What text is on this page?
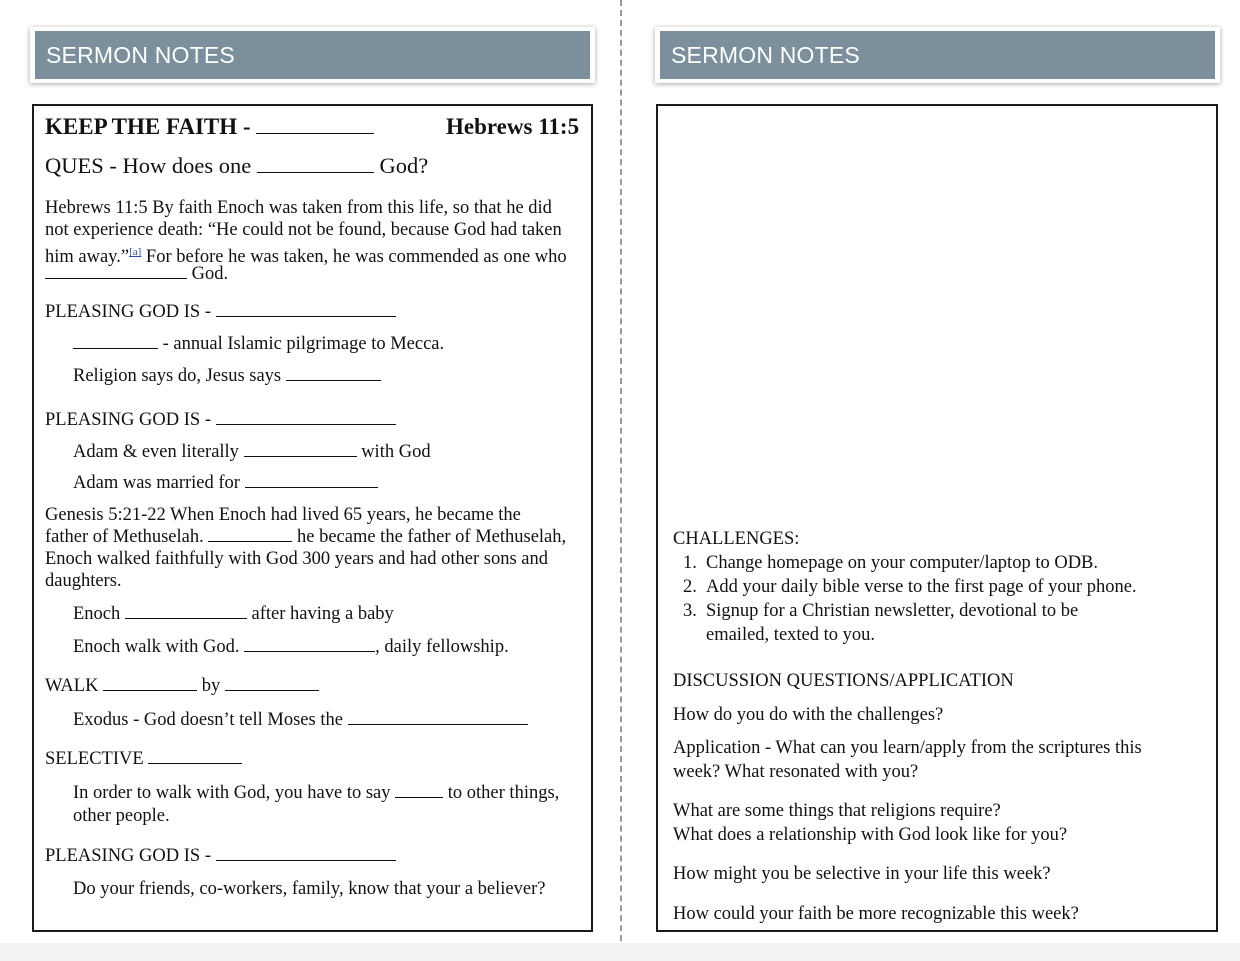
SERMON NOTES	SERMON NOTES
KEEP THE FAITH -	Hebrews 11:5
QUES - How does one	God?
Hebrews 11:5 By faith Enoch was taken from this life, so that he did
not experience death: “He could not be found, because God had taken
him away.”[a] For before he was taken, he was commended as one who
God.
PLEASING GOD IS -
- annual Islamic pilgrimage to Mecca.
Religion says do, Jesus says
PLEASING GOD IS -
Adam & even literally	with God
Adam was married for
Genesis 5:21-22 When Enoch had lived 65 years, he became the
father of Methuselah.	he became the father of Methuselah,
Enoch walked faithfully with God 300 years and had other sons and
daughters.
Enoch	after having a baby
Enoch walk with God.	, daily fellowship.
WALK	by
Exodus - God doesn’t tell Moses the
SELECTIVE
In order to walk with God, you have to say	to other things,
other people.
PLEASING GOD IS -
Do your friends, co-workers, family, know that your a believer?
CHALLENGES:
1. Change homepage on your computer/laptop to ODB.
2. Add your daily bible verse to the first page of your phone.
3. Signup for a Christian newsletter, devotional to be
emailed, texted to you.
DISCUSSION QUESTIONS/APPLICATION
How do you do with the challenges?
Application - What can you learn/apply from the scriptures this
week? What resonated with you?
What are some things that religions require?
What does a relationship with God look like for you?
How might you be selective in your life this week?
How could your faith be more recognizable this week?
